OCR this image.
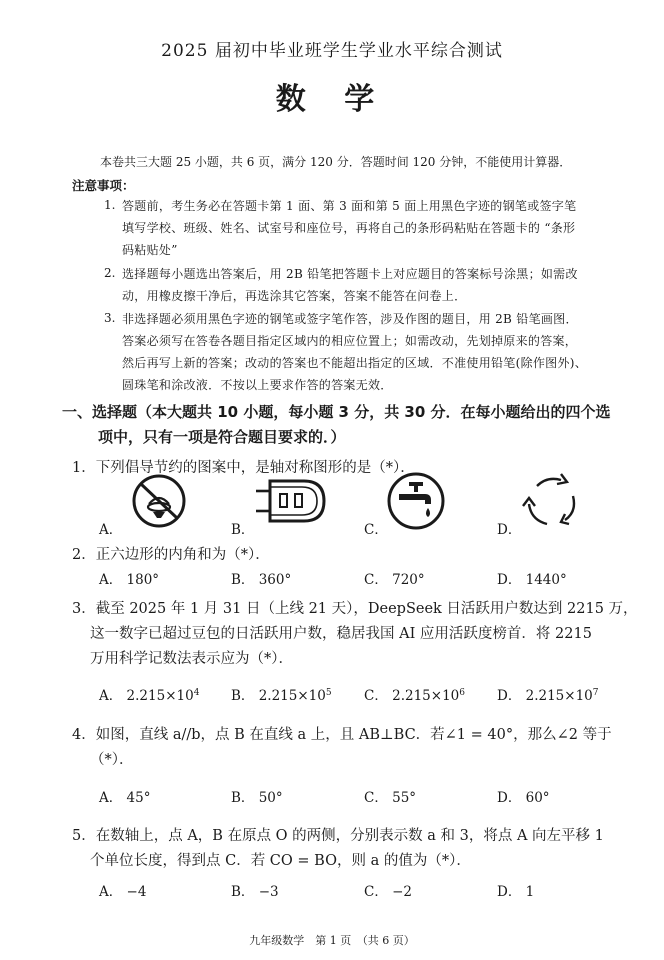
2025 届初中毕业班学生学业水平综合测试
数 学
本卷共三大题 25 小题，共 6 页，满分 120 分．答题时间 120 分钟，不能使用计算器．
注意事项：
1. 答题前，考生务必在答题卡第 1 面、第 3 面和第 5 面上用黑色字迹的钢笔或签字笔
填写学校、班级、姓名、试室号和座位号，再将自己的条形码粘贴在答题卡的 “条形
码粘贴处”
2. 选择题每小题选出答案后，用 2B 铅笔把答题卡上对应题目的答案标号涂黑；如需改
动，用橡皮擦干净后，再选涂其它答案，答案不能答在问卷上．
3. 非选择题必须用黑色字迹的钢笔或签字笔作答，涉及作图的题目，用 2B 铅笔画图．
答案必须写在答卷各题目指定区域内的相应位置上；如需改动，先划掉原来的答案，
然后再写上新的答案；改动的答案也不能超出指定的区域．不准使用铅笔(除作图外)、
圆珠笔和涂改液．不按以上要求作答的答案无效．
一、选择题（本大题共 10 小题，每小题 3 分，共 30 分．在每小题给出的四个选
项中，只有一项是符合题目要求的．）
1．下列倡导节约的图案中，是轴对称图形的是（*）．
A．	B．	C．	D．
2．正六边形的内角和为（*）．
A． 180°	B． 360°	C． 720°	D． 1440°
3．截至 2025 年 1 月 31 日（上线 21 天），DeepSeek 日活跃用户数达到 2215 万，
这一数字已超过豆包的日活跃用户数，稳居我国 AI 应用活跃度榜首．将 2215
万用科学记数法表示应为（*）．
A． $2.215\times 10^4$ B． $2.215\times 10^5$ C． $2.215\times 10^6$ D． $2.215\times 10^7$
4．如图，直线 a//b，点 B 在直线 a 上，且 AB⊥BC．若∠1 = 40°，那么∠2 等于
（*）．
A． 45°	B． 50°	C． 55°	D． 60°
5．在数轴上，点 A，B 在原点 O 的两侧，分别表示数 a 和 3，将点 A 向左平移 1
个单位长度，得到点 C．若 CO = BO，则 a 的值为（*）．
A． −4	B． −3	C． −2	D． 1
九年级数学　第 1 页　（共 6 页）
